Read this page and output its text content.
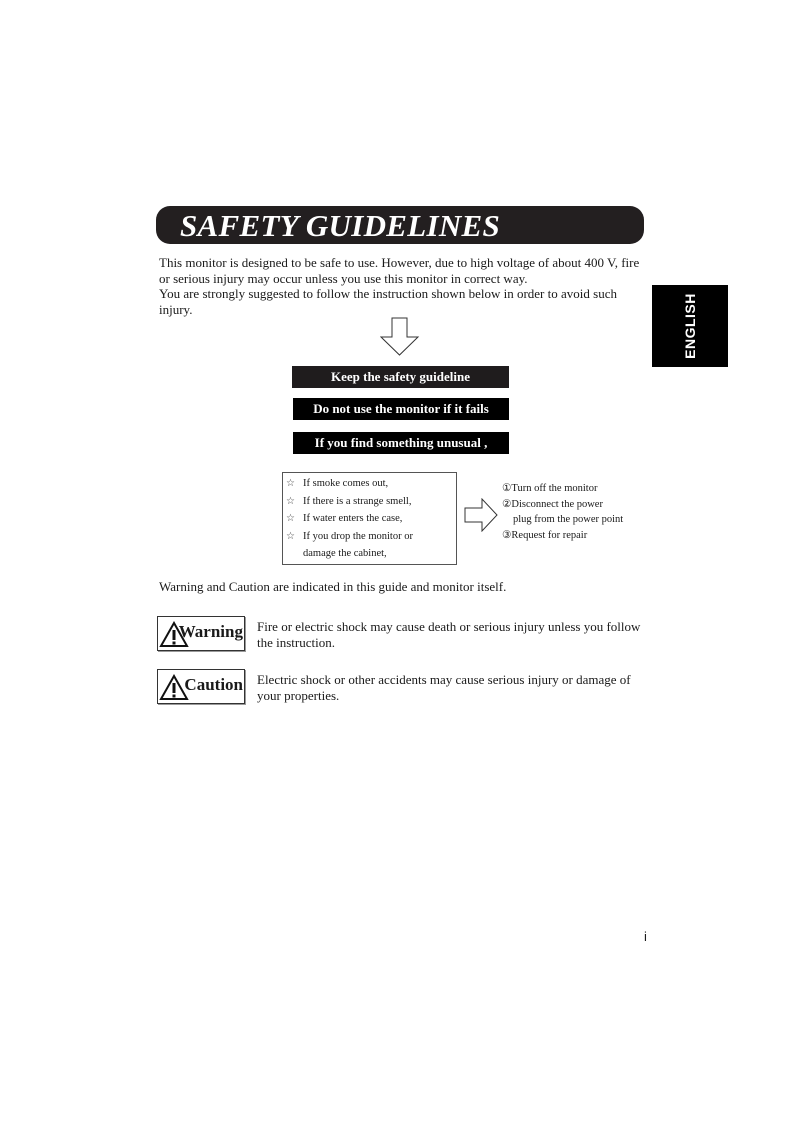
SAFETY GUIDELINES
ENGLISH

This monitor is designed to be safe to use. However, due to high voltage of about 400 V, fire or serious injury may occur unless you use this monitor in correct way.

You are strongly suggested to follow the instruction shown below in order to avoid such injury.

Keep the safety guideline
Do not use the monitor if it fails
If you find something unusual ,
☆ If smoke comes out,
☆ If there is a strange smell,
☆ If water enters the case,
☆ If you drop the monitor or
damage the cabinet,
①Turn off the monitor
②Disconnect the power
plug from the power point
③Request for repair
Warning and Caution are indicated in this guide and monitor itself.
Warning Fire or electric shock may cause death or serious injury unless you follow the instruction.
Caution Electric shock or other accidents may cause serious injury or damage of your properties.
i
